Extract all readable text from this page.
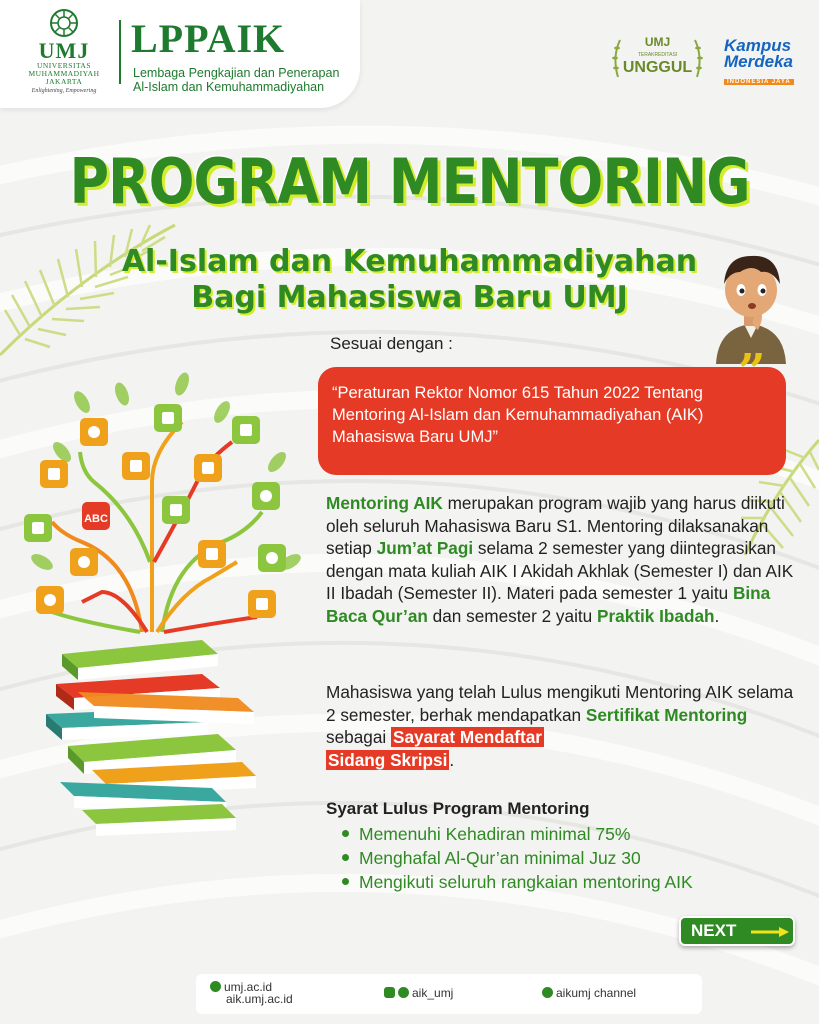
UMJ
UNIVERSITAS
MUHAMMADIYAH
JAKARTA
Enlightening, Empowering
LPPAIK
Lembaga Pengkajian dan Penerapan
Al-Islam dan Kemuhammadiyahan
UMJ
TERAKREDITASI
UNGGUL
Kampus
Merdeka
INDONESIA JAYA
PROGRAM MENTORING
Al-Islam dan Kemuhammadiyahan
Bagi Mahasiswa Baru UMJ
Sesuai dengan :
“Peraturan Rektor Nomor 615 Tahun 2022 Tentang
Mentoring Al-Islam dan Kemuhammadiyahan (AIK)
Mahasiswa Baru UMJ”
”
Mentoring AIK merupakan program wajib yang harus diikuti oleh seluruh Mahasiswa Baru S1. Mentoring dilaksanakan setiap Jum’at Pagi selama 2 semester yang diintegrasikan dengan mata kuliah AIK I Akidah Akhlak (Semester I) dan AIK II Ibadah (Semester II). Materi pada semester 1 yaitu Bina Baca Qur’an dan semester 2 yaitu Praktik Ibadah.
Mahasiswa yang telah Lulus mengikuti Mentoring AIK selama 2 semester, berhak mendapatkan Sertifikat Mentoring sebagai Sayarat Mendaftar
Sidang Skripsi .
Syarat Lulus Program Mentoring
Memenuhi Kehadiran minimal 75%
Menghafal Al-Qur’an minimal Juz 30
Mengikuti seluruh rangkaian mentoring AIK
NEXT
ABC
umj.ac.id
aik.umj.ac.id	aik_umj	aikumj channel
